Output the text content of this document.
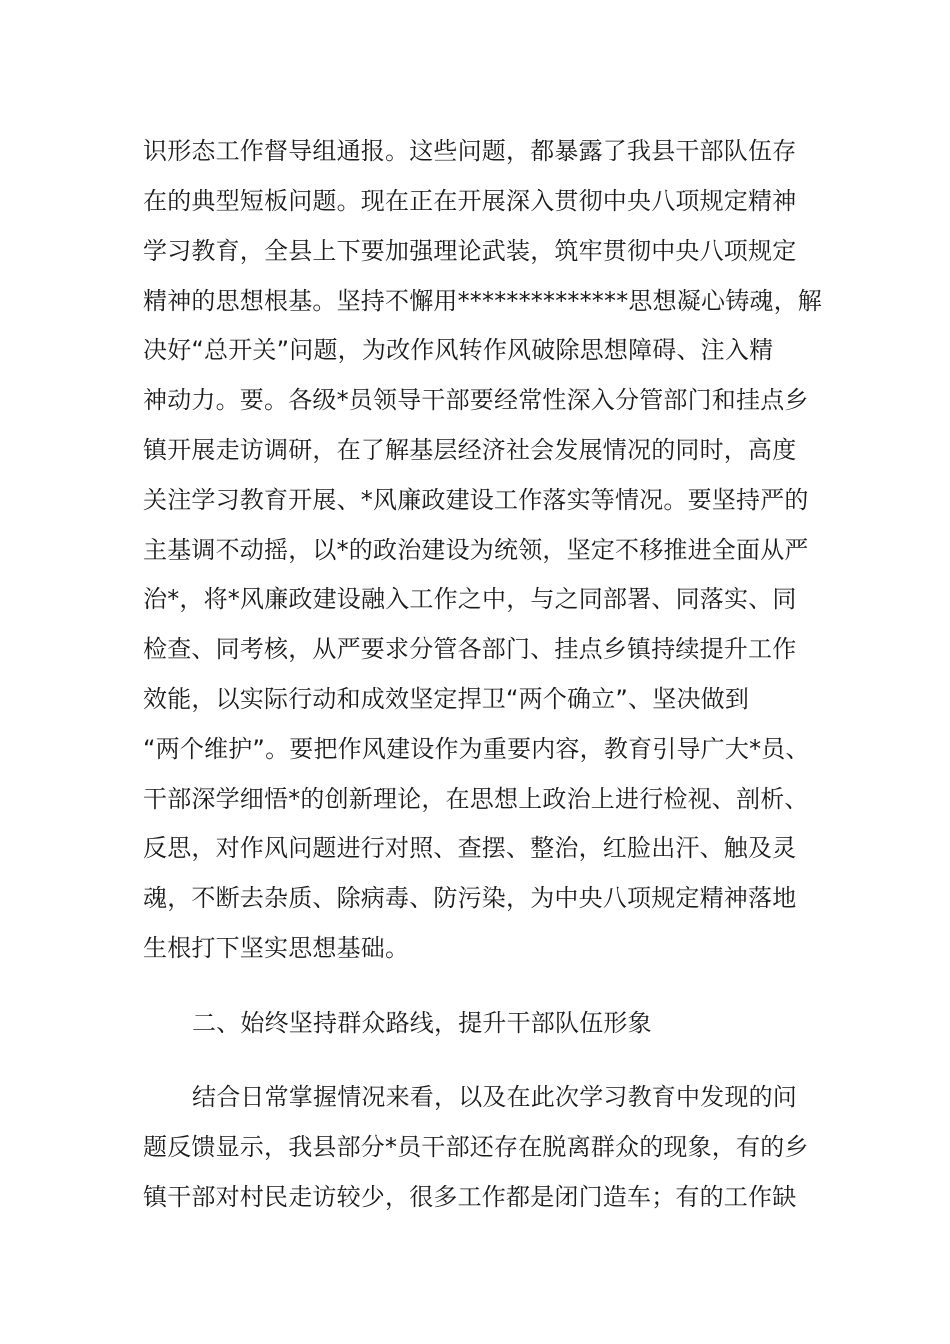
识形态工作督导组通报。这些问题，都暴露了我县干部队伍存
在的典型短板问题。现在正在开展深入贯彻中央八项规定精神
学习教育，全县上下要加强理论武装，筑牢贯彻中央八项规定
精神的思想根基。坚持不懈用**************思想凝心铸魂，解
决好“总开关”问题，为改作风转作风破除思想障碍、注入精
神动力。要。各级*员领导干部要经常性深入分管部门和挂点乡
镇开展走访调研，在了解基层经济社会发展情况的同时，高度
关注学习教育开展、*风廉政建设工作落实等情况。要坚持严的
主基调不动摇，以*的政治建设为统领，坚定不移推进全面从严
治*，将*风廉政建设融入工作之中，与之同部署、同落实、同
检查、同考核，从严要求分管各部门、挂点乡镇持续提升工作
效能，以实际行动和成效坚定捍卫“两个确立”、坚决做到
“两个维护”。要把作风建设作为重要内容，教育引导广大*员、
干部深学细悟*的创新理论，在思想上政治上进行检视、剖析、
反思，对作风问题进行对照、查摆、整治，红脸出汗、触及灵
魂，不断去杂质、除病毒、防污染，为中央八项规定精神落地
生根打下坚实思想基础。
二、始终坚持群众路线，提升干部队伍形象
结合日常掌握情况来看，以及在此次学习教育中发现的问
题反馈显示，我县部分*员干部还存在脱离群众的现象，有的乡
镇干部对村民走访较少，很多工作都是闭门造车；有的工作缺
